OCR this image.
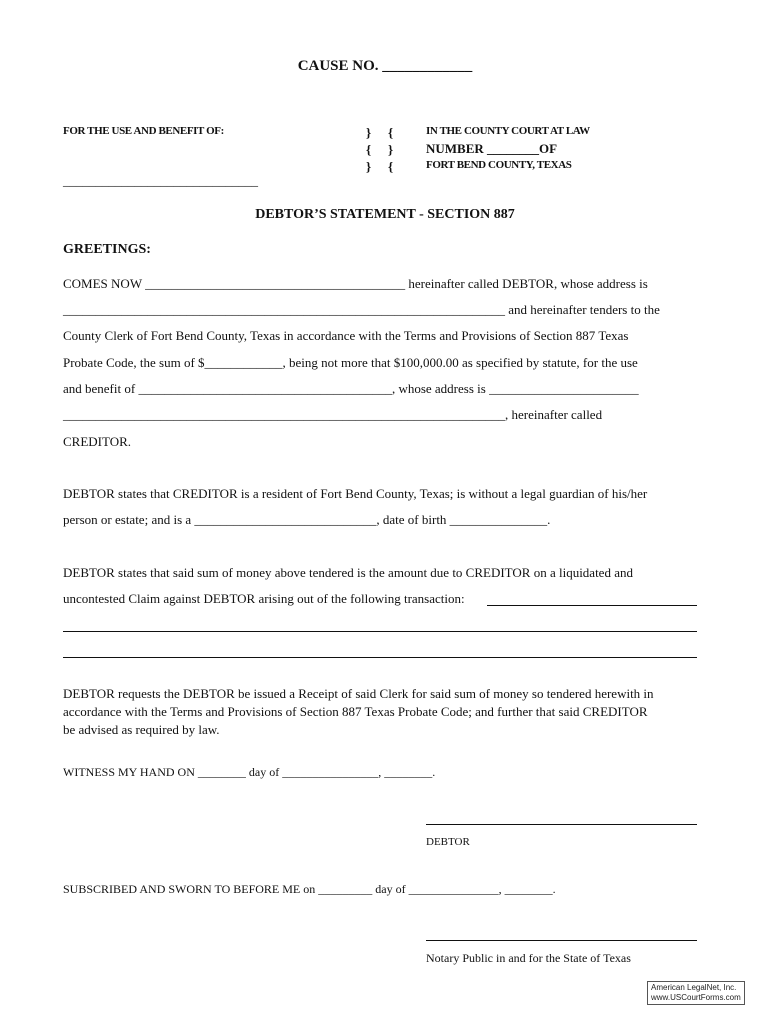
CAUSE NO. ____________
FOR THE USE AND BENEFIT OF:	} {
{ }
} {
IN THE COUNTY COURT AT LAW
NUMBER ________OF
FORT BEND COUNTY, TEXAS
______________________________
DEBTOR’S STATEMENT - SECTION 887
GREETINGS:
COMES NOW ________________________________________ hereinafter called DEBTOR, whose address is
____________________________________________________________________ and hereinafter tenders to the
County Clerk of Fort Bend County, Texas in accordance with the Terms and Provisions of Section 887 Texas
Probate Code, the sum of $____________, being not more that $100,000.00 as specified by statute, for the use
and benefit of _______________________________________, whose address is _______________________
____________________________________________________________________, hereinafter called
CREDITOR.
DEBTOR states that CREDITOR is a resident of Fort Bend County, Texas; is without a legal guardian of his/her
person or estate; and is a ____________________________, date of birth _______________.
DEBTOR states that said sum of money above tendered is the amount due to CREDITOR on a liquidated and
uncontested Claim against DEBTOR arising out of the following transaction:
DEBTOR requests the DEBTOR be issued a Receipt of said Clerk for said sum of money so tendered herewith in
accordance with the Terms and Provisions of Section 887 Texas Probate Code; and further that said CREDITOR
be advised as required by law.
WITNESS MY HAND ON ________ day of ________________, ________.
DEBTOR
SUBSCRIBED AND SWORN TO BEFORE ME on _________ day of _______________, ________.
Notary Public in and for the State of Texas
American LegalNet, Inc.
www.USCourtForms.com
